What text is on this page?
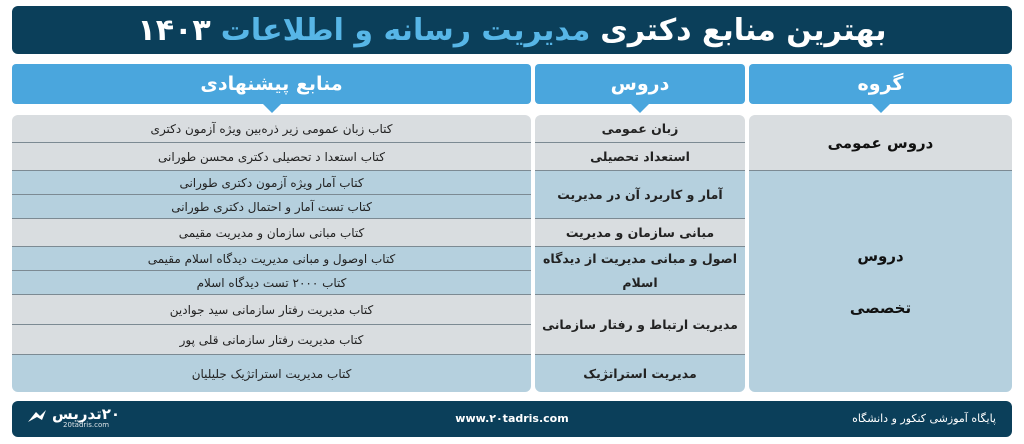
بهترین منابع دکتری
مدیریت رسانه و اطلاعات
۱۴۰۳
گروه
دروس
منابع پیشنهادی
دروس عمومی
دروس
تخصصی
زبان عمومی
استعداد تحصیلی
آمار و کاربرد آن در مدیریت
مبانی سازمان و مدیریت
اصول و مبانی مدیریت از دیدگاه اسلام
مدیریت ارتباط و رفتار سازمانی
مدیریت استراتژیک
کتاب زبان عمومی زیر ذره‌بین ویژه آزمون دکتری
کتاب استعدا د تحصیلی دکتری محسن طورانی
کتاب آمار ویژه آزمون دکتری طورانی
کتاب تست آمار و احتمال دکتری طورانی
کتاب مبانی سازمان و مدیریت مقیمی
کتاب اوصول و مبانی مدیریت دیدگاه اسلام مقیمی
کتاب ۲۰۰۰ تست دیدگاه اسلام
کتاب مدیریت رفتار سازمانی سید جوادین
کتاب مدیریت رفتار سازمانی قلی پور
کتاب مدیریت استراتژیک جلیلیان
پایگاه آموزشی کنکور و دانشگاه
www.۲۰tadris.com
۲۰تدریس
20tadris.com
